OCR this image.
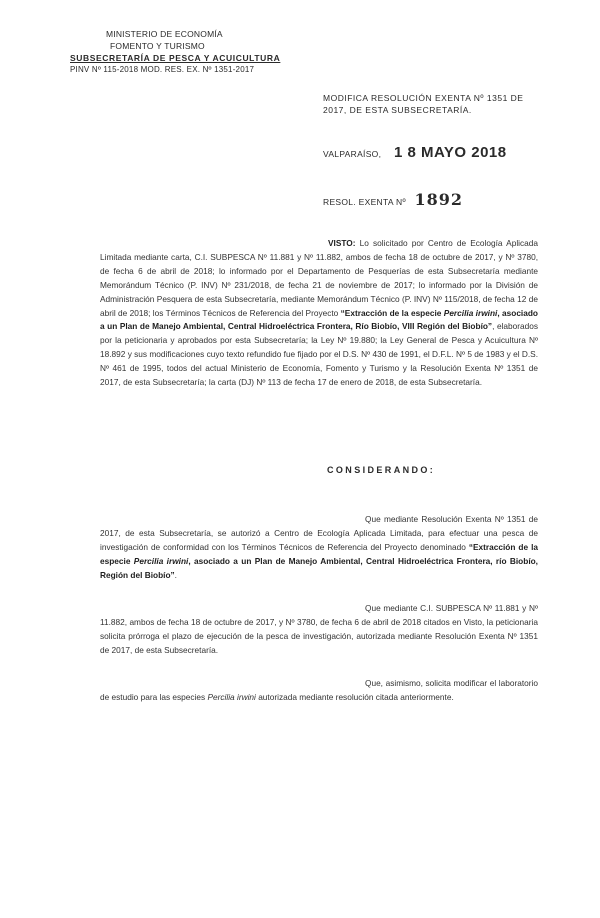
MINISTERIO DE ECONOMÍA
FOMENTO Y TURISMO
SUBSECRETARÍA DE PESCA Y ACUICULTURA
PINV Nº 115-2018 MOD. RES. EX. Nº 1351-2017
MODIFICA RESOLUCIÓN EXENTA Nº 1351 DE 2017, DE ESTA SUBSECRETARÍA.
VALPARAÍSO, 1 8 MAYO 2018
RESOL. EXENTA Nº 1892
VISTO: Lo solicitado por Centro de Ecología Aplicada Limitada mediante carta, C.I. SUBPESCA Nº 11.881 y Nº 11.882, ambos de fecha 18 de octubre de 2017, y Nº 3780, de fecha 6 de abril de 2018; lo informado por el Departamento de Pesquerías de esta Subsecretaría mediante Memorándum Técnico (P. INV) Nº 231/2018, de fecha 21 de noviembre de 2017; lo informado por la División de Administración Pesquera de esta Subsecretaría, mediante Memorándum Técnico (P. INV) Nº 115/2018, de fecha 12 de abril de 2018; los Términos Técnicos de Referencia del Proyecto “Extracción de la especie Percilia irwini, asociado a un Plan de Manejo Ambiental, Central Hidroeléctrica Frontera, Río Biobío, VIII Región del Biobío”, elaborados por la peticionaria y aprobados por esta Subsecretaría; la Ley Nº 19.880; la Ley General de Pesca y Acuicultura Nº 18.892 y sus modificaciones cuyo texto refundido fue fijado por el D.S. Nº 430 de 1991, el D.F.L. Nº 5 de 1983 y el D.S. Nº 461 de 1995, todos del actual Ministerio de Economía, Fomento y Turismo y la Resolución Exenta Nº 1351 de 2017, de esta Subsecretaría; la carta (DJ) Nº 113 de fecha 17 de enero de 2018, de esta Subsecretaría.
CONSIDERANDO:
Que mediante Resolución Exenta Nº 1351 de 2017, de esta Subsecretaría, se autorizó a Centro de Ecología Aplicada Limitada, para efectuar una pesca de investigación de conformidad con los Términos Técnicos de Referencia del Proyecto denominado “Extracción de la especie Percilia irwini, asociado a un Plan de Manejo Ambiental, Central Hidroeléctrica Frontera, río Biobío, Región del Biobío”.
Que mediante C.I. SUBPESCA Nº 11.881 y Nº 11.882, ambos de fecha 18 de octubre de 2017, y Nº 3780, de fecha 6 de abril de 2018 citados en Visto, la peticionaria solicita prórroga el plazo de ejecución de la pesca de investigación, autorizada mediante Resolución Exenta Nº 1351 de 2017, de esta Subsecretaría.
Que, asimismo, solicita modificar el laboratorio de estudio para las especies Percilia irwini autorizada mediante resolución citada anteriormente.
